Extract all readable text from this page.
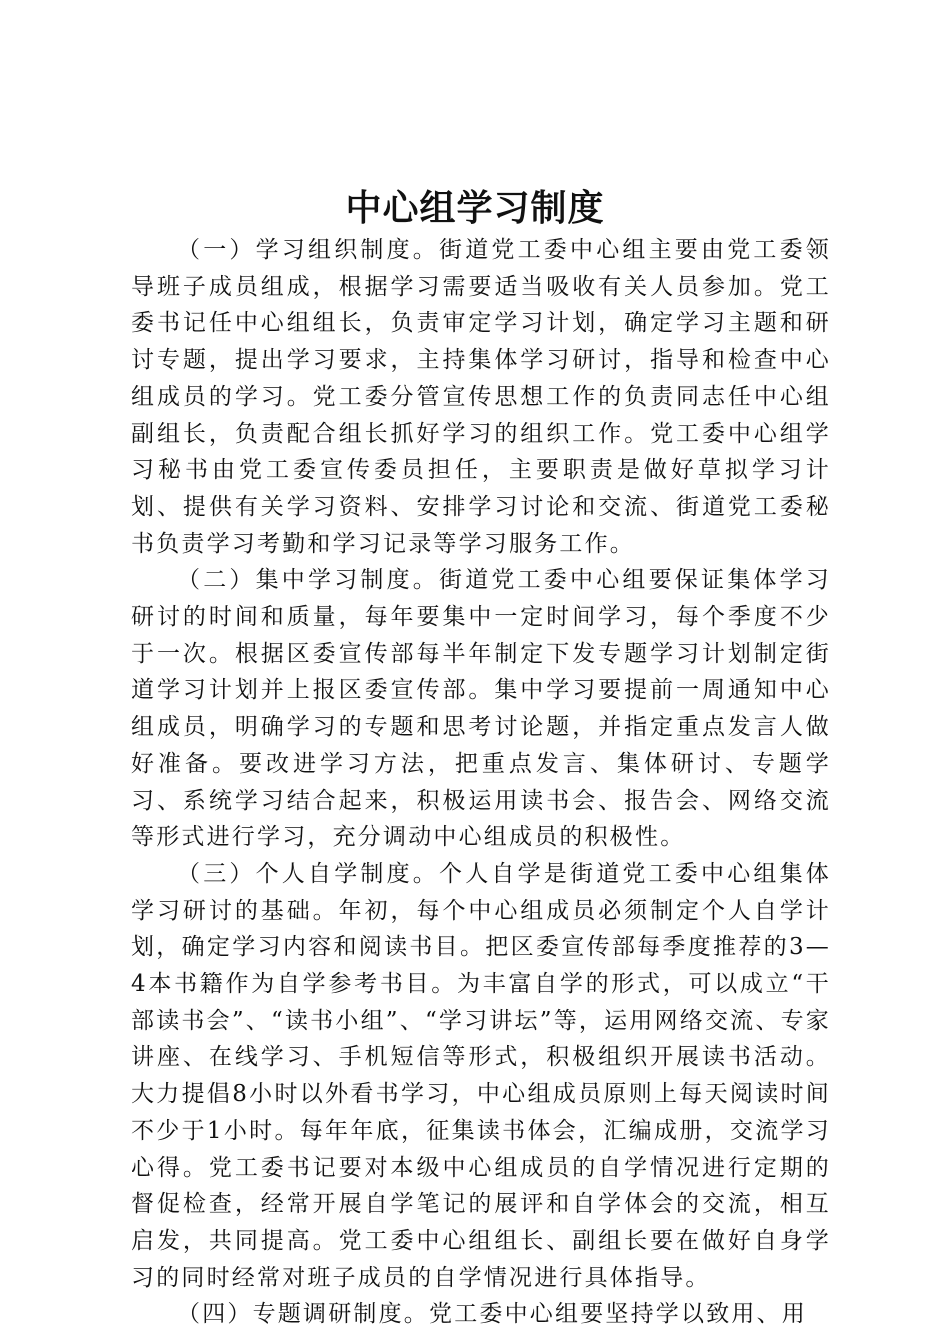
中心组学习制度

（一）学习组织制度。街道党工委中心组主要由党工委领导班子成员组成，根据学习需要适当吸收有关人员参加。党工委书记任中心组组长，负责审定学习计划，确定学习主题和研讨专题，提出学习要求，主持集体学习研讨，指导和检查中心组成员的学习。党工委分管宣传思想工作的负责同志任中心组副组长，负责配合组长抓好学习的组织工作。党工委中心组学习秘书由党工委宣传委员担任，主要职责是做好草拟学习计划、提供有关学习资料、安排学习讨论和交流、街道党工委秘书负责学习考勤和学习记录等学习服务工作。

（二）集中学习制度。街道党工委中心组要保证集体学习研讨的时间和质量，每年要集中一定时间学习，每个季度不少于一次。根据区委宣传部每半年制定下发专题学习计划制定街道学习计划并上报区委宣传部。集中学习要提前一周通知中心组成员，明确学习的专题和思考讨论题，并指定重点发言人做好准备。要改进学习方法，把重点发言、集体研讨、专题学习、系统学习结合起来，积极运用读书会、报告会、网络交流等形式进行学习，充分调动中心组成员的积极性。

（三）个人自学制度。个人自学是街道党工委中心组集体学习研讨的基础。年初，每个中心组成员必须制定个人自学计划，确定学习内容和阅读书目。把区委宣传部每季度推荐的3—4本书籍作为自学参考书目。为丰富自学的形式，可以成立“干部读书会”、“读书小组”、“学习讲坛”等，运用网络交流、专家讲座、在线学习、手机短信等形式，积极组织开展读书活动。大力提倡8小时以外看书学习，中心组成员原则上每天阅读时间不少于1小时。每年年底，征集读书体会，汇编成册，交流学习心得。党工委书记要对本级中心组成员的自学情况进行定期的督促检查，经常开展自学笔记的展评和自学体会的交流，相互启发，共同提高。党工委中心组组长、副组长要在做好自身学习的同时经常对班子成员的自学情况进行具体指导。

（四）专题调研制度。党工委中心组要坚持学以致用、用
